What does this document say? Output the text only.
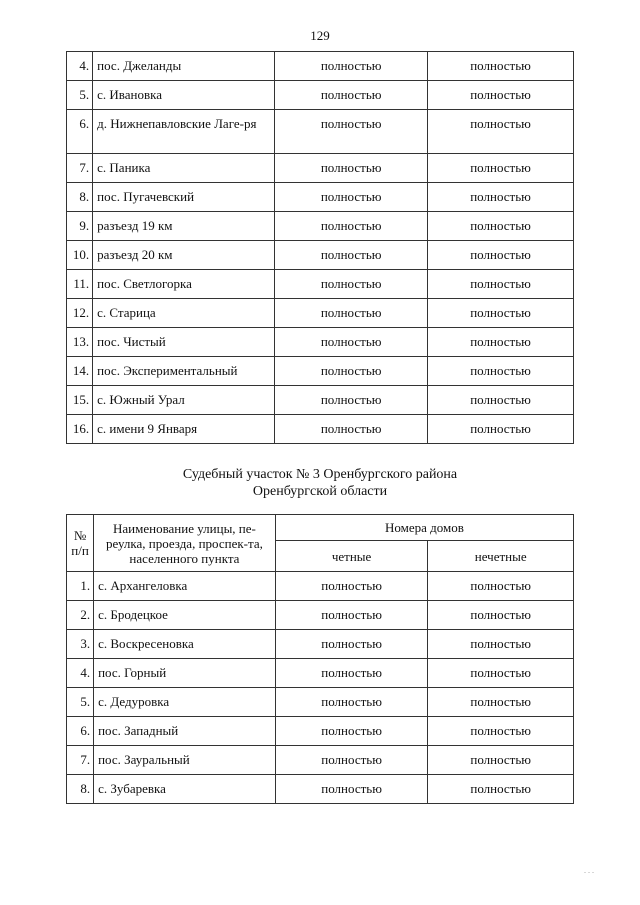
129
4.	пос. Джеланды	полностью	полностью
5.	с. Ивановка	полностью	полностью
6.	д. Нижнепавловские Лаге-ря	полностью	полностью
7.	с. Паника	полностью	полностью
8.	пос. Пугачевский	полностью	полностью
9.	разъезд 19 км	полностью	полностью
10.	разъезд 20 км	полностью	полностью
11.	пос. Светлогорка	полностью	полностью
12.	с. Старица	полностью	полностью
13.	пос. Чистый	полностью	полностью
14.	пос. Экспериментальный	полностью	полностью
15.	с. Южный Урал	полностью	полностью
16.	с. имени 9 Января	полностью	полностью
Судебный участок № 3 Оренбургского района
Оренбургской области
№ п/п	Наименование улицы, пе-реулка, проезда, проспек-та, населенного пункта	Номера домов	
		четные	нечетные
1.	с. Архангеловка	полностью	полностью
2.	с. Бродецкое	полностью	полностью
3.	с. Воскресеновка	полностью	полностью
4.	пос. Горный	полностью	полностью
5.	с. Дедуровка	полностью	полностью
6.	пос. Западный	полностью	полностью
7.	пос. Зауральный	полностью	полностью
8.	с. Зубаревка	полностью	полностью
. . .
